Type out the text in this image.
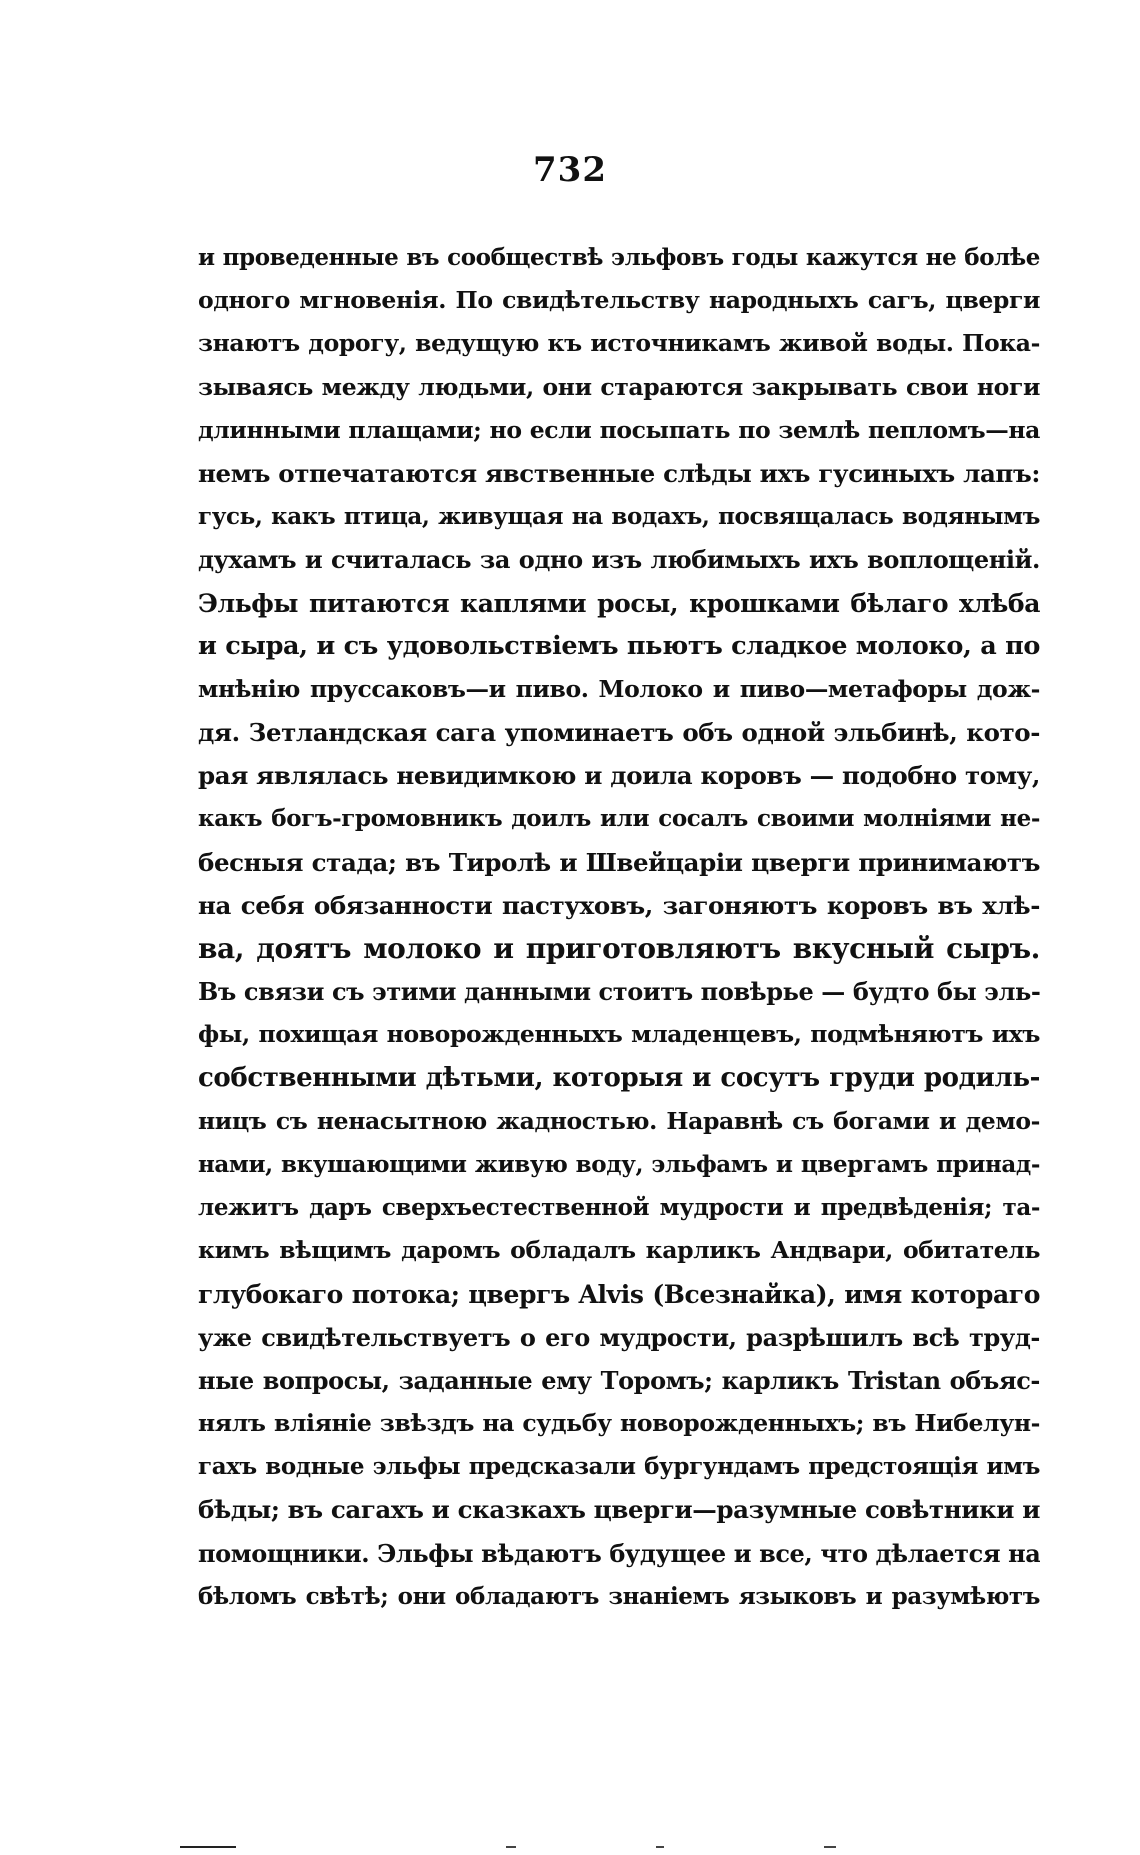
732
и проведенные въ сообществѣ эльфовъ годы кажутся не болѣе
одного мгновенія. По свидѣтельству народныхъ сагъ, цверги
знаютъ дорогу, ведущую къ источникамъ живой воды. Пока-
зываясь между людьми, они стараются закрывать свои ноги
длинными плащами; но если посыпать по землѣ пепломъ—на
немъ отпечатаются явственные слѣды ихъ гусиныхъ лапъ:
гусь, какъ птица, живущая на водахъ, посвящалась водянымъ
духамъ и считалась за одно изъ любимыхъ ихъ воплощеній.
Эльфы питаются каплями росы, крошками бѣлаго хлѣба
и сыра, и съ удовольствіемъ пьютъ сладкое молоко, а по
мнѣнію пруссаковъ—и пиво. Молоко и пиво—метафоры дож-
дя. Зетландская сага упоминаетъ объ одной эльбинѣ, кото-
рая являлась невидимкою и доила коровъ — подобно тому,
какъ богъ-громовникъ доилъ или сосалъ своими молніями не-
бесныя стада; въ Тиролѣ и Швейцаріи цверги принимаютъ
на себя обязанности пастуховъ, загоняютъ коровъ въ хлѣ-
ва, доятъ молоко и приготовляютъ вкусный сыръ.
Въ связи съ этими данными стоитъ повѣрье — будто бы эль-
фы, похищая новорожденныхъ младенцевъ, подмѣняютъ ихъ
собственными дѣтьми, которыя и сосутъ груди родиль-
ницъ съ ненасытною жадностью. Наравнѣ съ богами и демо-
нами, вкушающими живую воду, эльфамъ и цвергамъ принад-
лежитъ даръ сверхъестественной мудрости и предвѣденія; та-
кимъ вѣщимъ даромъ обладалъ карликъ Андвари, обитатель
глубокаго потока; цвергъ Alvis (Всезнайка), имя котораго
уже свидѣтельствуетъ о его мудрости, разрѣшилъ всѣ труд-
ные вопросы, заданные ему Торомъ; карликъ Tristan объяс-
нялъ вліяніе звѣздъ на судьбу новорожденныхъ; въ Нибелун-
гахъ водные эльфы предсказали бургундамъ предстоящія имъ
бѣды; въ сагахъ и сказкахъ цверги—разумные совѣтники и
помощники. Эльфы вѣдаютъ будущее и все, что дѣлается на
бѣломъ свѣтѣ; они обладаютъ знаніемъ языковъ и разумѣютъ
